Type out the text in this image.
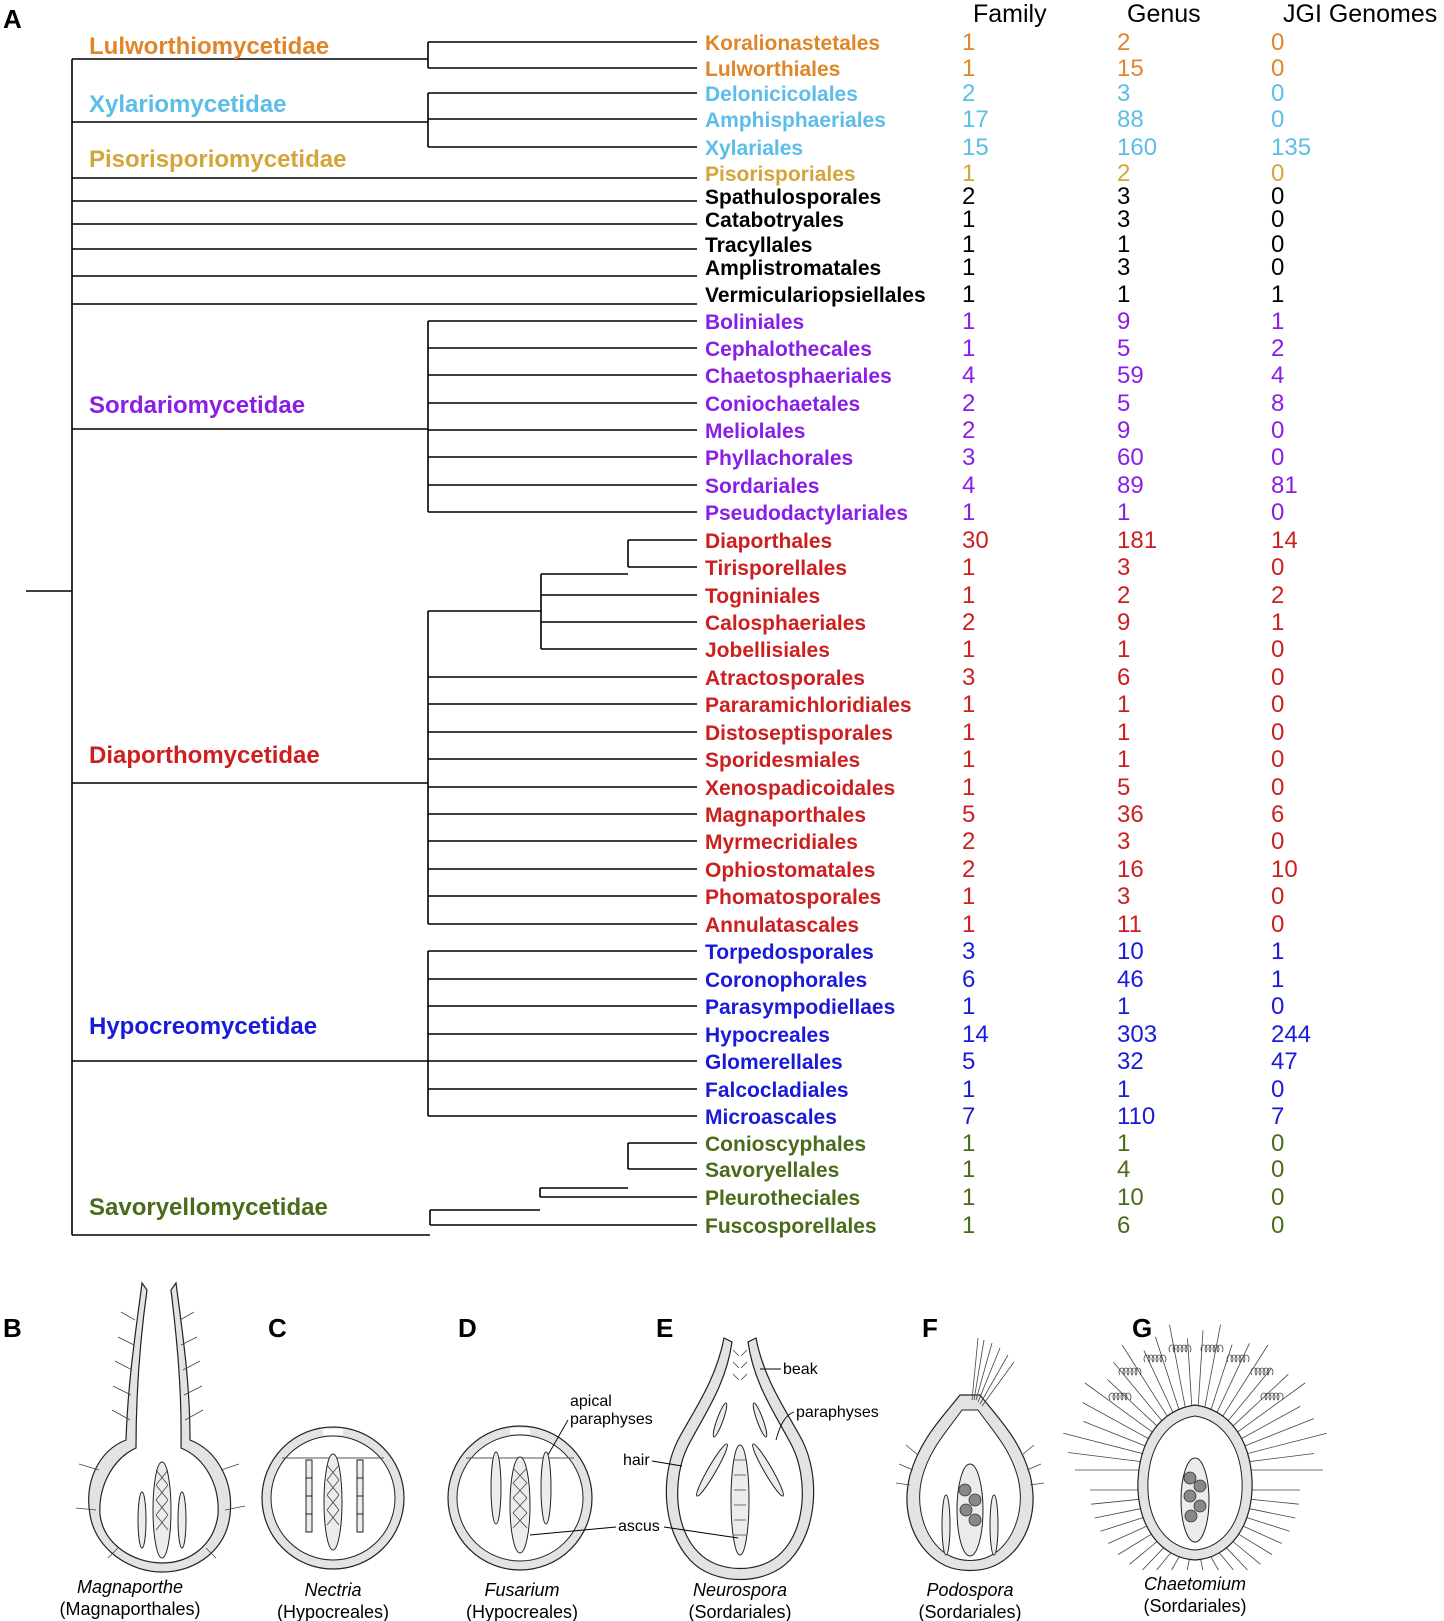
A	Family	Genus	JGI Genomes
Lulworthiomycetidae
Xylariomycetidae
Pisorisporiomycetidae
Sordariomycetidae
Diaporthomycetidae
Hypocreomycetidae
Savoryellomycetidae
Koralionastetales	1	2	0
Lulworthiales	1	15	0
Delonicicolales	2	3	0
Amphisphaeriales	17	88	0
Xylariales	15	160	135
Pisorisporiales	1	2	0
Spathulosporales	2	3	0
Catabotryales	1	3	0
Tracyllales	1	1	0
Amplistromatales	1	3	0
Vermiculariopsiellales 1	1	1
Boliniales	1	9	1
Cephalothecales	1	5	2
Chaetosphaeriales	4	59	4
Coniochaetales	2	5	8
Meliolales	2	9	0
Phyllachorales	3	60	0
Sordariales	4	89	81
Pseudodactylariales 1	1	0
Diaporthales	30	181	14
Tirisporellales	1	3	0
Togniniales	1	2	2
Calosphaeriales	2	9	1
Jobellisiales	1	1	0
Atractosporales	3	6	0
Pararamichloridiales 1	1	0
Distoseptisporales	1	1	0
Sporidesmiales	1	1	0
Xenospadicoidales	1	5	0
Magnaporthales	5	36	6
Myrmecridiales	2	3	0
Ophiostomatales	2	16	10
Phomatosporales	1	3	0
Annulatascales	1	11	0
Torpedosporales	3	10	1
Coronophorales	6	46	1
Parasympodiellaes	1	1	0
Hypocreales	14	303	244
Glomerellales	5	32	47
Falcocladiales	1	1	0
Microascales	7	110	7
Conioscyphales	1	1	0
Savoryellales	1	4	0
Pleurotheciales	1	10	0
Fuscosporellales	1	6	0
B
Magnaporthe
(Magnaporthales)
C
Nectria
(Hypocreales)
D
apical
paraphyses
Fusarium
(Hypocreales)
E
beak
paraphyses
hair
ascus
Neurospora
(Sordariales)
F
Podospora
(Sordariales)
G
Chaetomium
(Sordariales)
